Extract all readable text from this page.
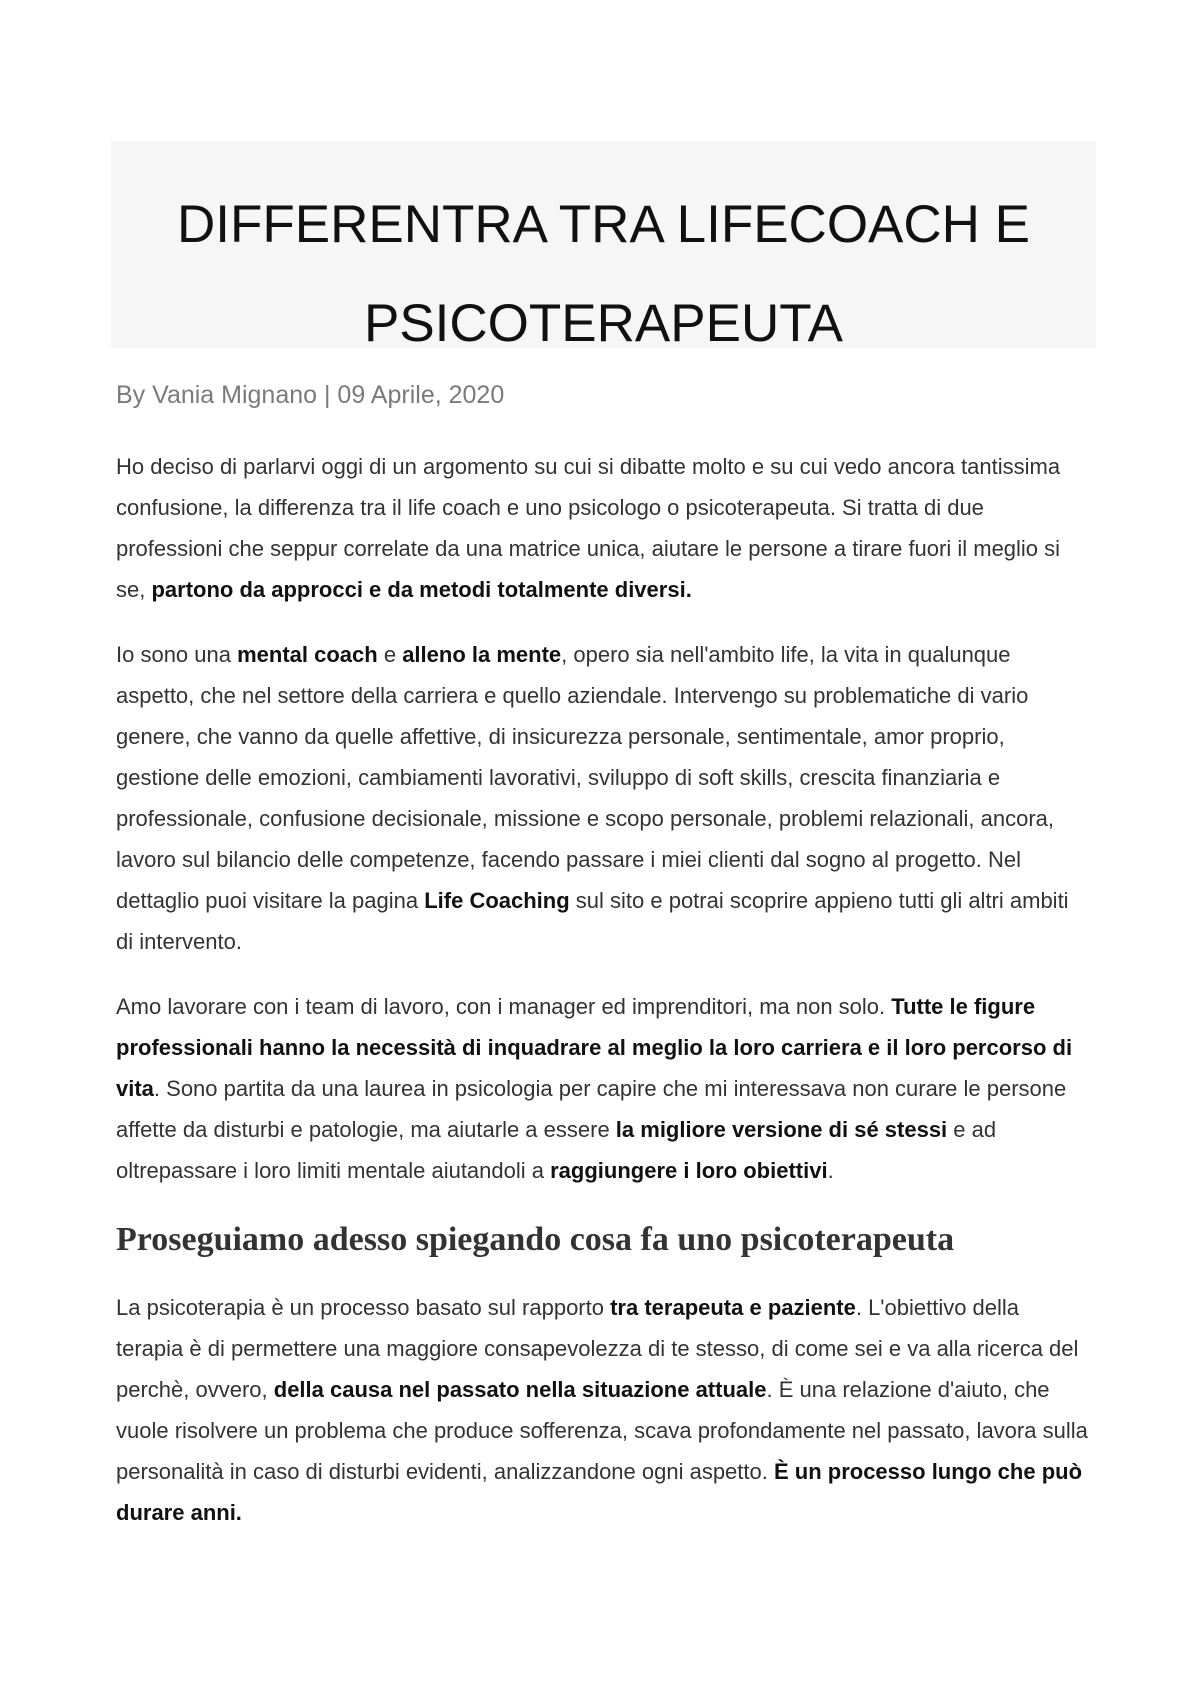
DIFFERENTRA TRA LIFECOACH E
PSICOTERAPEUTA

By Vania Mignano | 09 Aprile, 2020

Ho deciso di parlarvi oggi di un argomento su cui si dibatte molto e su cui vedo ancora tantissima confusione, la differenza tra il life coach e uno psicologo o psicoterapeuta. Si tratta di due professioni che seppur correlate da una matrice unica, aiutare le persone a tirare fuori il meglio si se, partono da approcci e da metodi totalmente diversi.

Io sono una mental coach e alleno la mente, opero sia nell'ambito life, la vita in qualunque aspetto, che nel settore della carriera e quello aziendale. Intervengo su problematiche di vario genere, che vanno da quelle affettive, di insicurezza personale, sentimentale, amor proprio, gestione delle emozioni, cambiamenti lavorativi, sviluppo di soft skills, crescita finanziaria e professionale, confusione decisionale, missione e scopo personale, problemi relazionali, ancora, lavoro sul bilancio delle competenze, facendo passare i miei clienti dal sogno al progetto. Nel dettaglio puoi visitare la pagina Life Coaching sul sito e potrai scoprire appieno tutti gli altri ambiti di intervento.

Amo lavorare con i team di lavoro, con i manager ed imprenditori, ma non solo. Tutte le figure professionali hanno la necessità di inquadrare al meglio la loro carriera e il loro percorso di vita. Sono partita da una laurea in psicologia per capire che mi interessava non curare le persone affette da disturbi e patologie, ma aiutarle a essere la migliore versione di sé stessi e ad oltrepassare i loro limiti mentale aiutandoli a raggiungere i loro obiettivi.

Proseguiamo adesso spiegando cosa fa uno psicoterapeuta

La psicoterapia è un processo basato sul rapporto tra terapeuta e paziente. L'obiettivo della terapia è di permettere una maggiore consapevolezza di te stesso, di come sei e va alla ricerca del perchè, ovvero, della causa nel passato nella situazione attuale. È una relazione d'aiuto, che vuole risolvere un problema che produce sofferenza, scava profondamente nel passato, lavora sulla personalità in caso di disturbi evidenti, analizzandone ogni aspetto. È un processo lungo che può durare anni.
